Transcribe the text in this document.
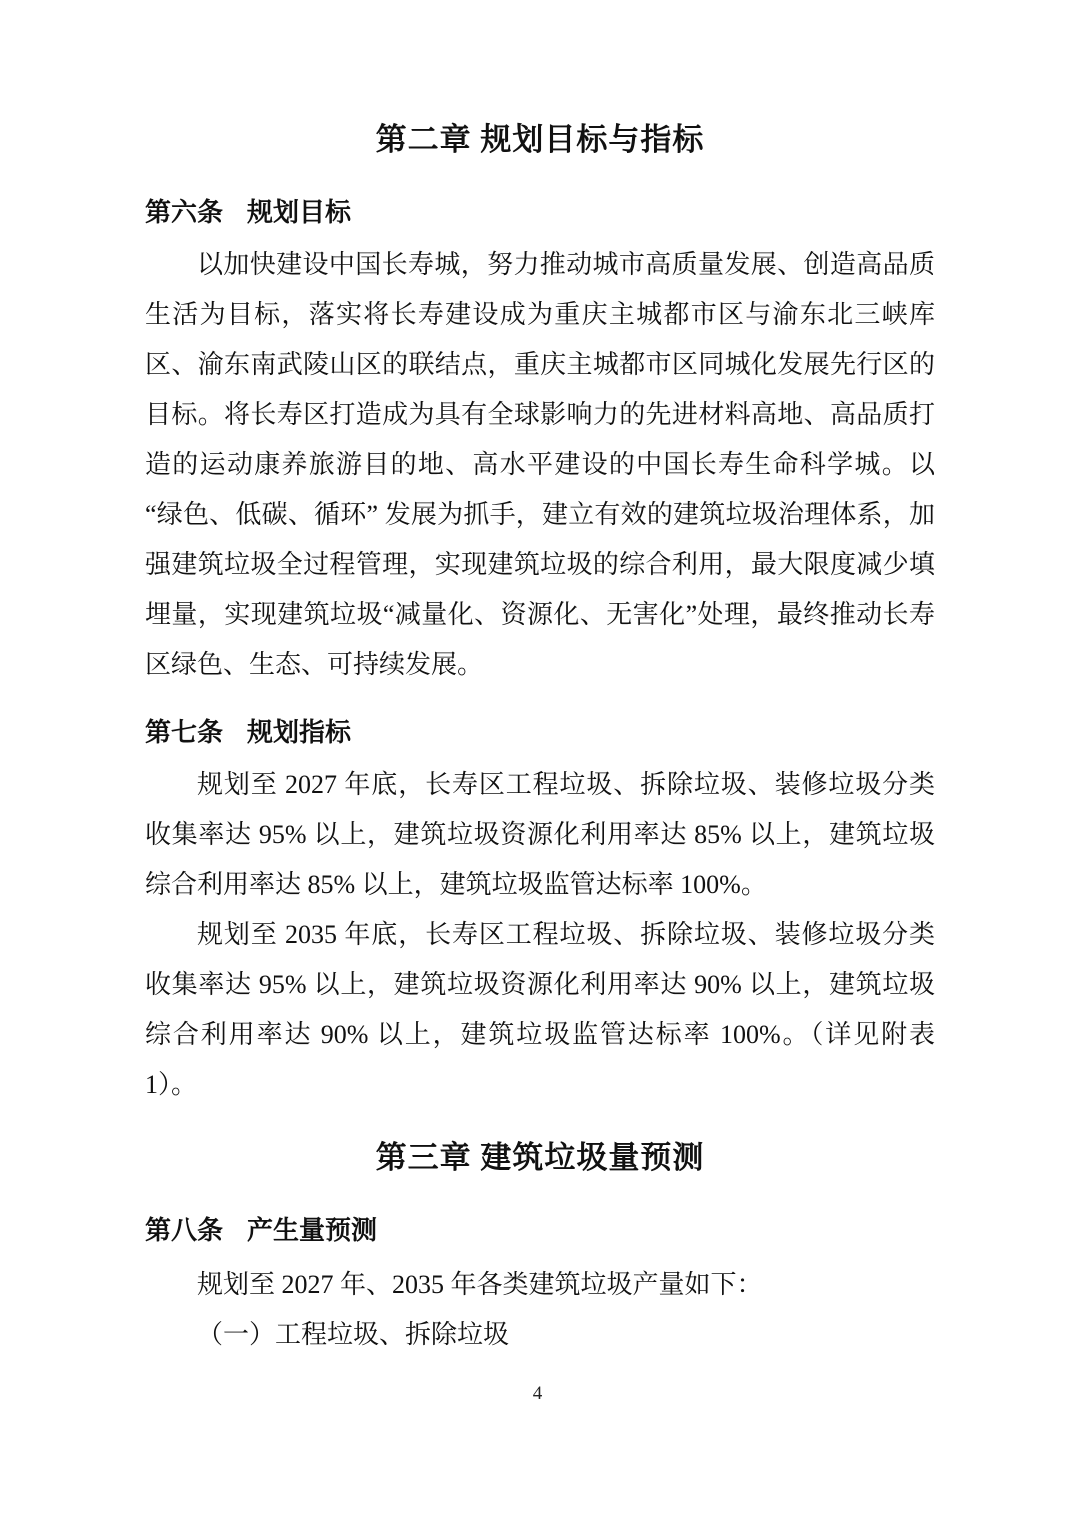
第二章 规划目标与指标
第六条 规划目标

以加快建设中国长寿城，努力推动城市高质量发展、创造高品质生活为目标，落实将长寿建设成为重庆主城都市区与渝东北三峡库区、渝东南武陵山区的联结点，重庆主城都市区同城化发展先行区的目标。将长寿区打造成为具有全球影响力的先进材料高地、高品质打造的运动康养旅游目的地、高水平建设的中国长寿生命科学城。以“绿色、低碳、循环” 发展为抓手，建立有效的建筑垃圾治理体系，加强建筑垃圾全过程管理，实现建筑垃圾的综合利用，最大限度减少填埋量，实现建筑垃圾“减量化、资源化、无害化”处理，最终推动长寿区绿色、生态、可持续发展。

第七条 规划指标

规划至 2027 年底，长寿区工程垃圾、拆除垃圾、装修垃圾分类收集率达 95% 以上，建筑垃圾资源化利用率达 85% 以上，建筑垃圾综合利用率达 85% 以上，建筑垃圾监管达标率 100%。

规划至 2035 年底，长寿区工程垃圾、拆除垃圾、装修垃圾分类收集率达 95% 以上，建筑垃圾资源化利用率达 90% 以上，建筑垃圾综合利用率达 90% 以上，建筑垃圾监管达标率 100%。（详见附表 1）。

第三章 建筑垃圾量预测
第八条 产生量预测

规划至 2027 年、2035 年各类建筑垃圾产量如下：

（一）工程垃圾、拆除垃圾

4
